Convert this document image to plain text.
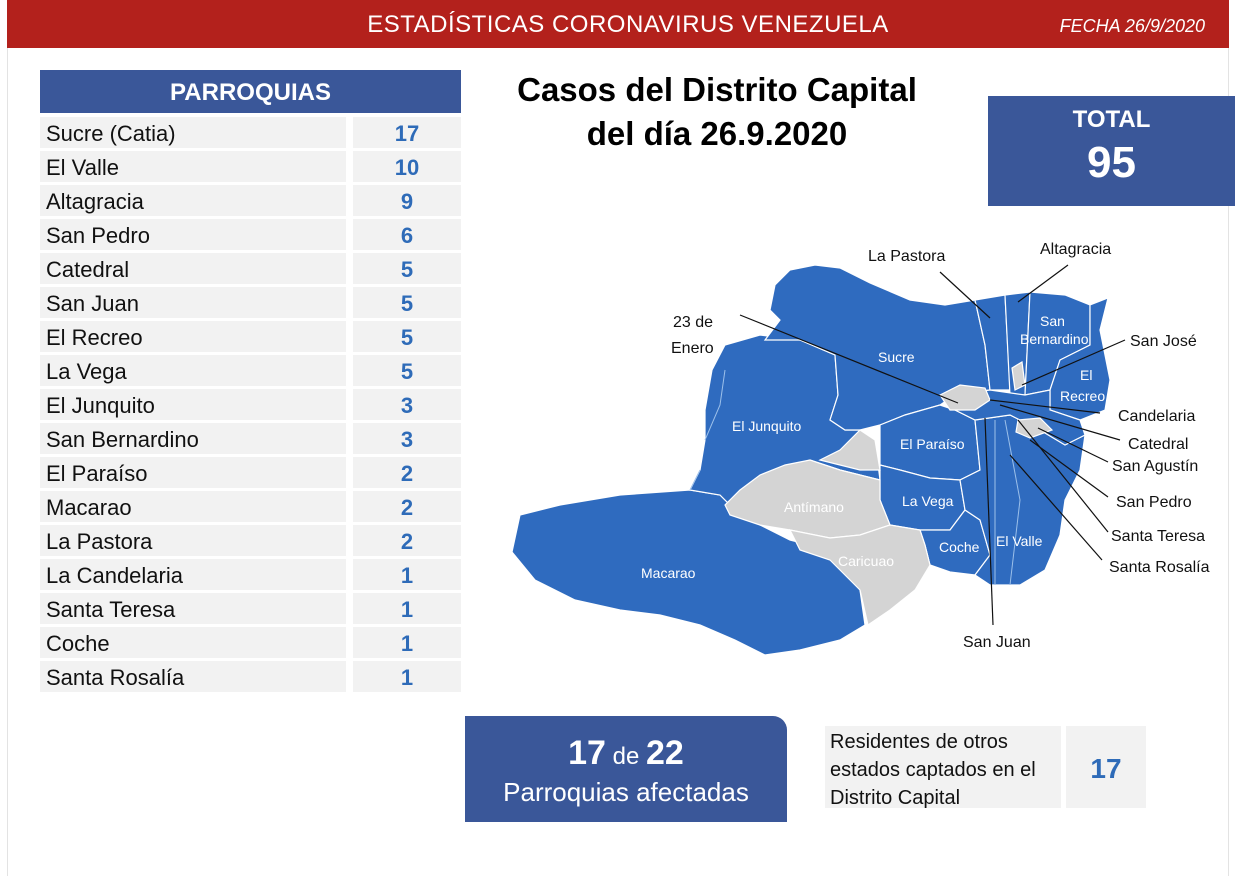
ESTADÍSTICAS CORONAVIRUS VENEZUELA	FECHA 26/9/2020
PARROQUIAS
Sucre (Catia)	17
El Valle	10
Altagracia	9
San Pedro	6
Catedral	5
San Juan	5
El Recreo	5
La Vega	5
El Junquito	3
San Bernardino	3
El Paraíso	2
Macarao	2
La Pastora	2
La Candelaria	1
Santa Teresa	1
Coche	1
Santa Rosalía	1
Casos del Distrito Capital
del día 26.9.2020	TOTAL
95
Sucre
El Junquito
El Paraíso
La Vega
Antímano
Caricuao
Macarao
Coche El Valle
San
Bernardino
El
Recreo
La Pastora	Altagracia
23 de
Enero	San José
Candelaria
Catedral
San Agustín
San Pedro
Santa Teresa
Santa Rosalía
San Juan
17 de 22
Parroquias afectadas
Residentes de otros
estados captados en el
Distrito Capital
17
